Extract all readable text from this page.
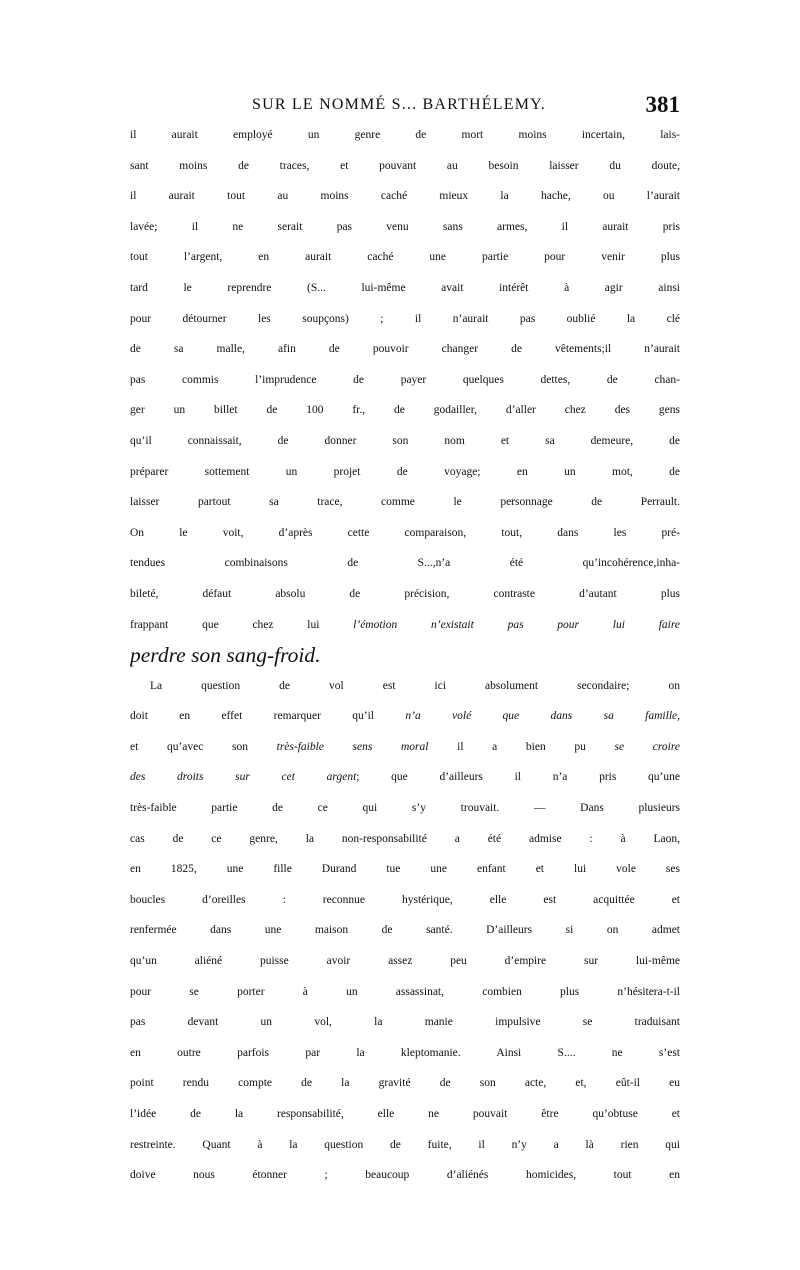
SUR LE NOMMÉ S... BARTHÉLEMY.	381
il aurait employé un genre de mort moins incertain, lais-
sant moins de traces, et pouvant au besoin laisser du doute,
il aurait tout au moins caché mieux la hache, ou l’aurait
lavée; il ne serait pas venu sans armes, il aurait pris
tout l’argent, en aurait caché une partie pour venir plus
tard le reprendre (S... lui-même avait intérêt à agir ainsi
pour détourner les soupçons) ; il n’aurait pas oublié la clé
de sa malle, afin de pouvoir changer de vêtements;il n’aurait
pas commis l’imprudence de payer quelques dettes, de chan-
ger un billet de 100 fr., de godailler, d’aller chez des gens
qu’il connaissait, de donner son nom et sa demeure, de
préparer sottement un projet de voyage; en un mot, de
laisser partout sa trace, comme le personnage de Perrault.
On le voit, d’après cette comparaison, tout, dans les pré-
tendues combinaisons de S...,n’a été qu’incohérence,inha-
bileté, défaut absolu de précision, contraste d’autant plus
frappant que chez lui l’émotion n’existait pas pour lui faire
perdre son sang-froid.
La question de vol est ici absolument secondaire; on
doit en effet remarquer qu’il n’a volé que dans sa famille,
et qu’avec son très-faible sens moral il a bien pu se croire
des droits sur cet argent; que d’ailleurs il n’a pris qu’une
très-faible partie de ce qui s’y trouvait. — Dans plusieurs
cas de ce genre, la non-responsabilité a été admise : à Laon,
en 1825, une fille Durand tue une enfant et lui vole ses
boucles d’oreilles : reconnue hystérique, elle est acquittée et
renfermée dans une maison de santé. D’ailleurs si on admet
qu’un aliéné puisse avoir assez peu d’empire sur lui-même
pour se porter à un assassinat, combien plus n’hésitera-t-il
pas devant un vol, la manie impulsive se traduisant
en outre parfois par la kleptomanie. Ainsi S.... ne s’est
point rendu compte de la gravité de son acte, et, eût-il eu
l’idée de la responsabilité, elle ne pouvait être qu’obtuse et
restreinte. Quant à la question de fuite, il n’y a là rien qui
doive nous étonner ; beaucoup d’aliénés homicides, tout en
